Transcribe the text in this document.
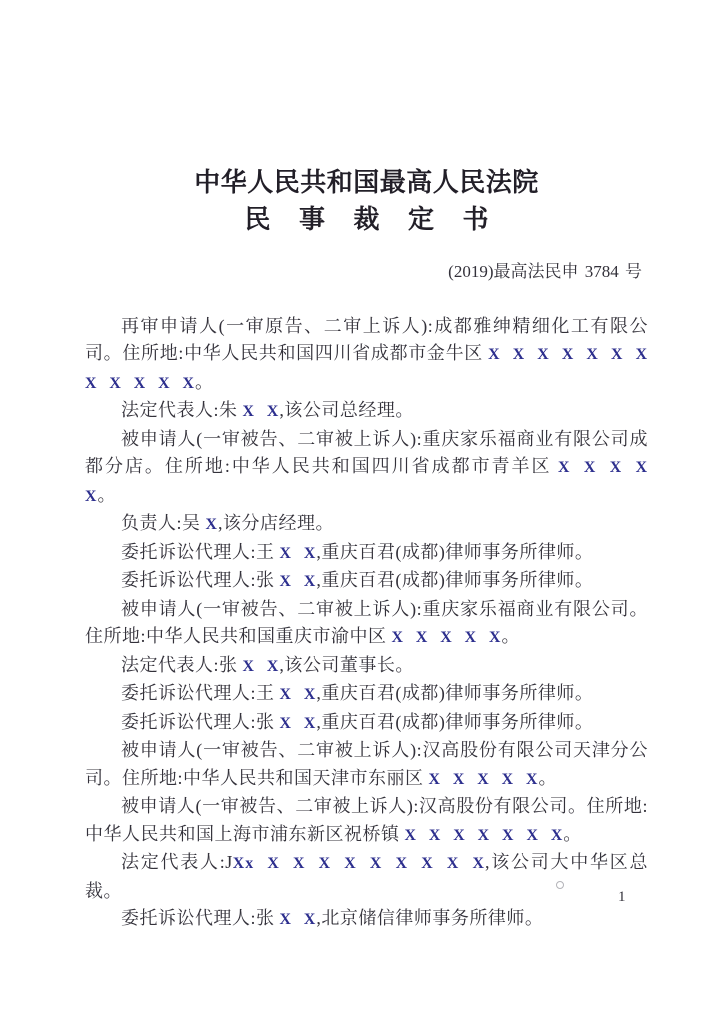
中华人民共和国最高人民法院
民 事 裁 定 书
(2019)最高法民申 3784 号

再审申请人(一审原告、二审上诉人):成都雅绅精细化工有限公司。住所地:中华人民共和国四川省成都市金牛区 X X X X X X X X X X X X。

法定代表人:朱 X X,该公司总经理。

被申请人(一审被告、二审被上诉人):重庆家乐福商业有限公司成都分店。住所地:中华人民共和国四川省成都市青羊区 X X X X X。

负责人:吴 X,该分店经理。

委托诉讼代理人:王 X X,重庆百君(成都)律师事务所律师。

委托诉讼代理人:张 X X,重庆百君(成都)律师事务所律师。

被申请人(一审被告、二审被上诉人):重庆家乐福商业有限公司。住所地:中华人民共和国重庆市渝中区 X X X X X。

法定代表人:张 X X,该公司董事长。

委托诉讼代理人:王 X X,重庆百君(成都)律师事务所律师。

委托诉讼代理人:张 X X,重庆百君(成都)律师事务所律师。

被申请人(一审被告、二审被上诉人):汉高股份有限公司天津分公司。住所地:中华人民共和国天津市东丽区 X X X X X。

被申请人(一审被告、二审被上诉人):汉高股份有限公司。住所地:中华人民共和国上海市浦东新区祝桥镇 X X X X X X X。

法定代表人:JXx X X X X X X X X X,该公司大中华区总裁。

委托诉讼代理人:张 X X,北京储信律师事务所律师。

1
